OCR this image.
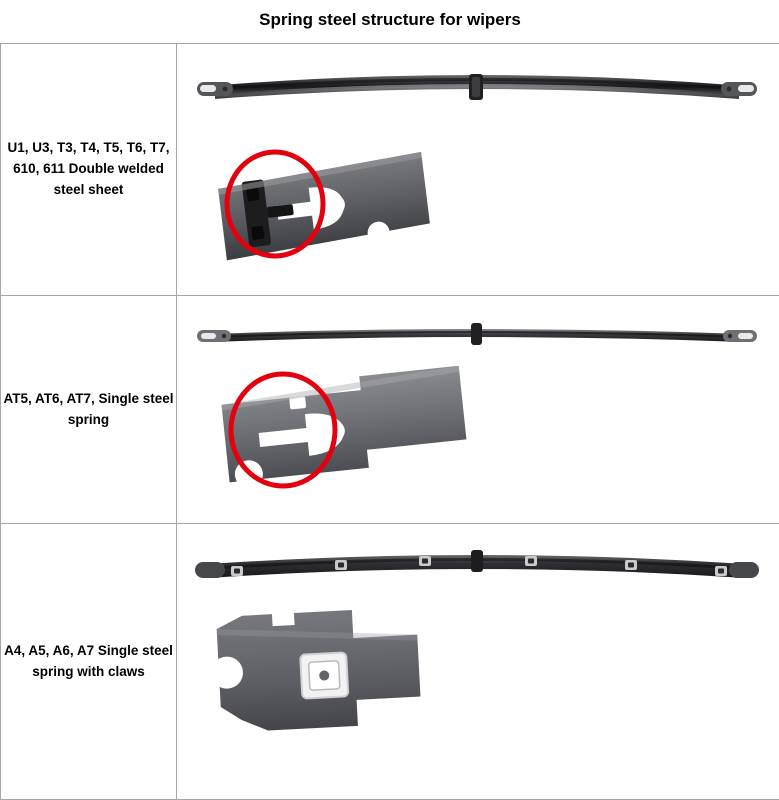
Spring steel structure for wipers	

U1, U3, T3, T4, T5, T6, T7, 610, 611 Double welded steel sheet	

AT5, AT6, AT7, Single steel spring	

A4, A5, A6, A7 Single steel spring with claws	
